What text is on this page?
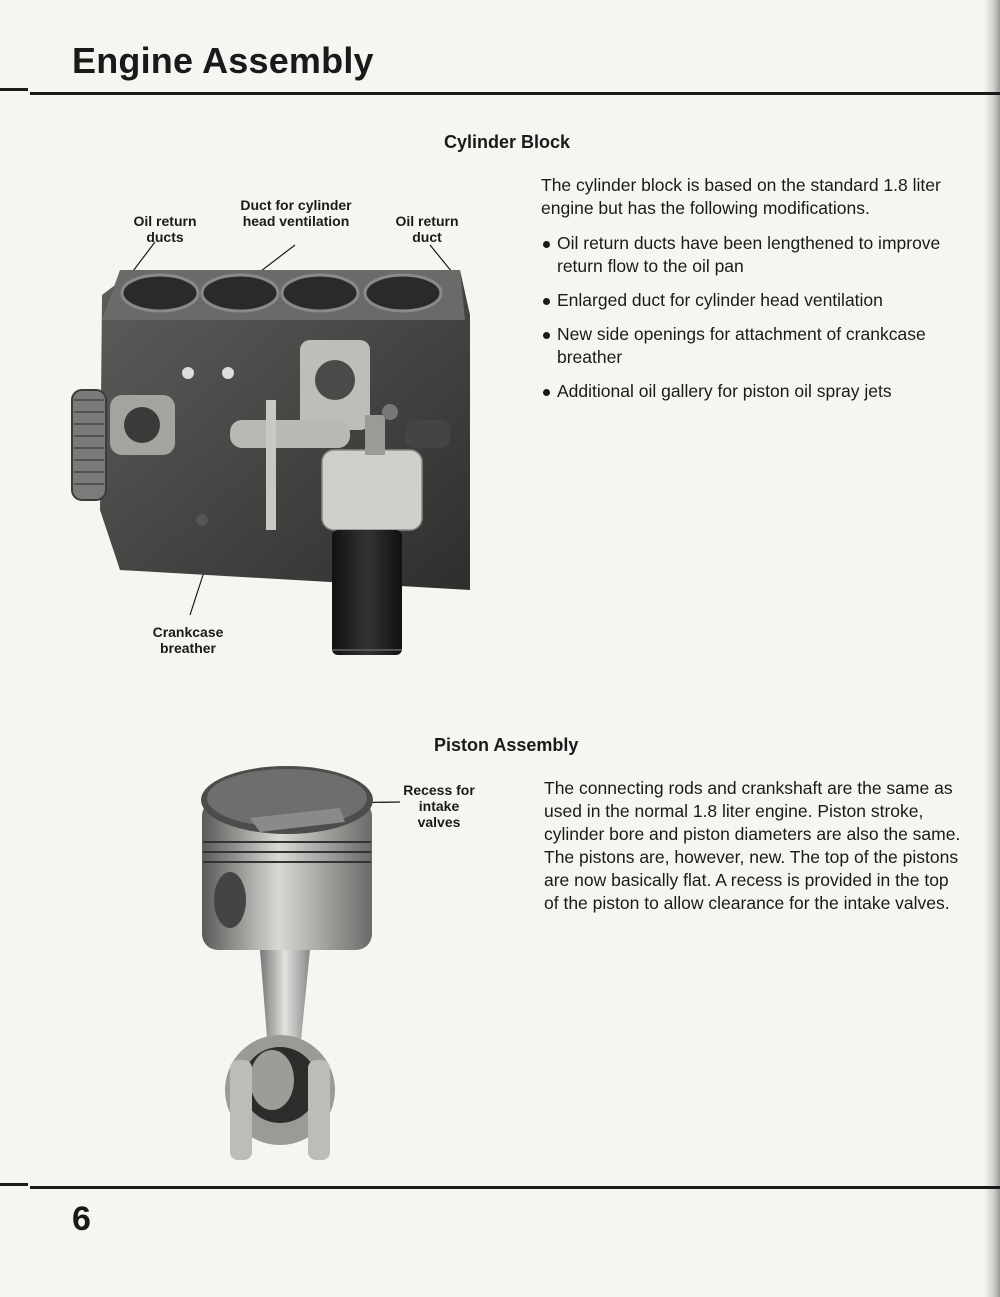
Engine Assembly
Cylinder Block

The cylinder block is based on the standard 1.8 liter engine but has the following modifications.

Oil return ducts have been lengthened to improve return flow to the oil pan
Enlarged duct for cylinder head ventilation
New side openings for attachment of crankcase breather
Additional oil gallery for piston oil spray jets
Oil return ducts
Duct for cylinder head ventilation	Oil return duct
Crankcase breather
Piston Assembly

The connecting rods and crankshaft are the same as used in the normal 1.8 liter engine. Piston stroke, cylinder bore and piston diameters are also the same. The pistons are, however, new. The top of the pistons are now basically flat. A recess is provided in the top of the piston to allow clearance for the intake valves.

Recess for intake valves

6
